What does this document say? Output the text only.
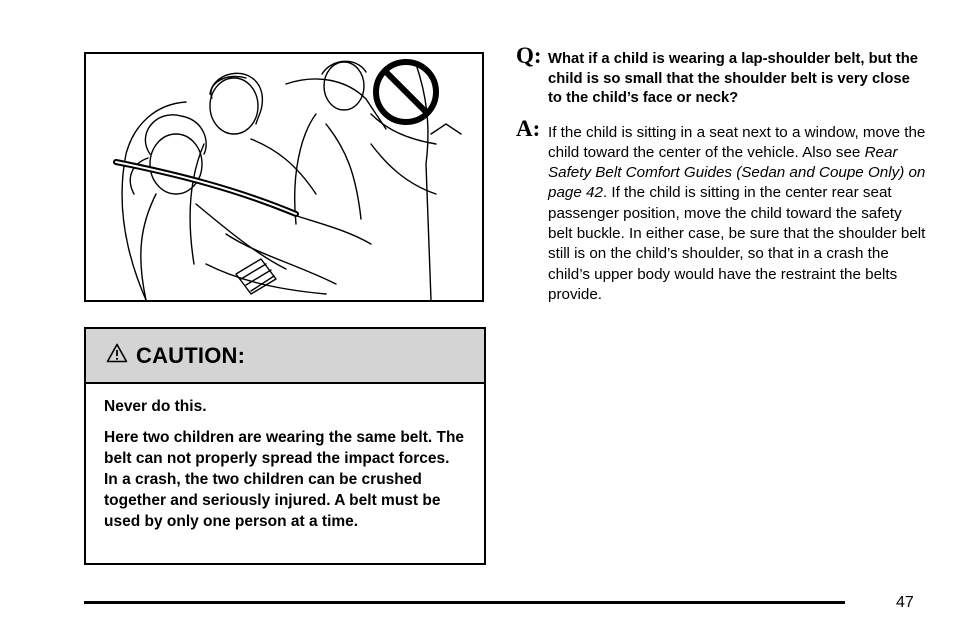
CAUTION:

Never do this.

Here two children are wearing the same belt. The belt can not properly spread the impact forces. In a crash, the two children can be crushed together and seriously injured. A belt must be used by only one person at a time.

Q: What if a child is wearing a lap-shoulder belt, but the child is so small that the shoulder belt is very close to the child’s face or neck?
A: If the child is sitting in a seat next to a window, move the child toward the center of the vehicle. Also see Rear Safety Belt Comfort Guides (Sedan and Coupe Only) on page 42. If the child is sitting in the center rear seat passenger position, move the child toward the safety belt buckle. In either case, be sure that the shoulder belt still is on the child’s shoulder, so that in a crash the child’s upper body would have the restraint the belts provide.
47
